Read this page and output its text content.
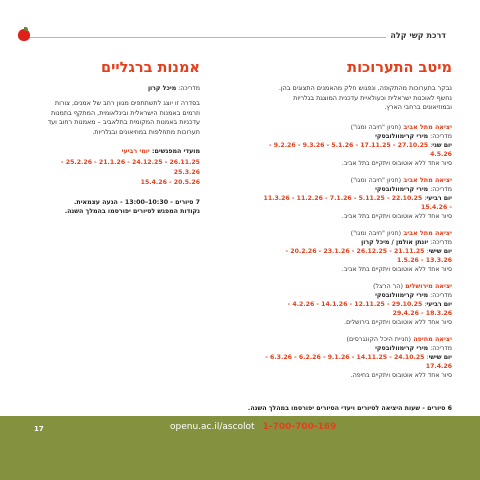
דרכת קשי קלה
מיטב התערוכות
נבקר בתערוכות מהתקופה, ונפגוש חלק מהאמנים התצוגים בהן. נחשף לאוכנות ישראלית וכעולאיית עדכנית המוצגת בגלריות ובמוזיאונים ברחבי הארץ.
יציאה מתל אביב (חניון "חיבה ומגו")
מדריכה: מירי קרימוולובסקי
יום שני: 27.10.25 - 17.11.25 - 5.1.26 - 9.3.26 - 9.2.26 - 4.5.26
סיור אחד ללא אוטובוס ויתקיים בתל אביב.
יציאה מתל אביב (חניון "חיבה ומגו")
מדריכה: מירי קרימוולובסקי
יום רביעי: 22.10.25 - 5.11.25 - 7.1.26 - 11.2.26 - 11.3.26 - 15.4.26
סיור אחד ללא אוטובוס ויתקיים בתל אביב.
יציאה מתל אביב (חניון "חיבה ומגו")
מדריכה: יונתן אולמן / מיכל קרון
יום שישי: 21.11.25 - 26.12.25 - 23.1.26 - 20.2.26 - 13.3.26 - 1.5.26
סיור אחד ללא אוטובוס ויתקיים בתל אביב.
יציאה מירושלים (הר הרצל)
מדריכה: מירי קרימוולובסקי
יום רביעי: 29.10.25 - 12.11.25 - 14.1.26 - 4.2.26 - 18.3.26 - 29.4.26
סיור אחד ללא אוטובוס ויתקיים בירושלים.
יציאה מחיפה (חניית היכל הקונגרסים)
מדריכה: מירי קרימוולובסקי
יום שישי: 24.10.25 - 14.11.25 - 9.1.26 - 6.2.26 - 6.3.26 - 17.4.26
סיור אחד ללא אוטובוס ויתקיים בחיפה.
אמנות ברגליים
מדריכה: מיכל קרון
בסדרה זו יוצג לתשתתפים מגוון רחב של אמנים, צורות וזרמים באמנות הישראלית ובינלאומית, המתקף בתמנות עדכניות באמנות המקומית בתלאביב – מאמנות רחוב ועד תערוכות מתחלפות במוזיאונים ובגלריות.
מועדי המפגשים: יומי רביעי
26.11.25 - 24.12.25 - 21.1.26 - 25.2.26 - 25.3.26
20.5.26 - 15.4.26
7 סיורים - 10:30–13:00 - הגעה עצמאית.
נקודות המפגש לסיורים יפורסמו בהמלך השנה.
6 סיורים - שעות היציאה לסיורים ויעדי הסיורים יפורסמו במהלך השנה.
17	openu.ac.il/ascolot 1-700-700-169
